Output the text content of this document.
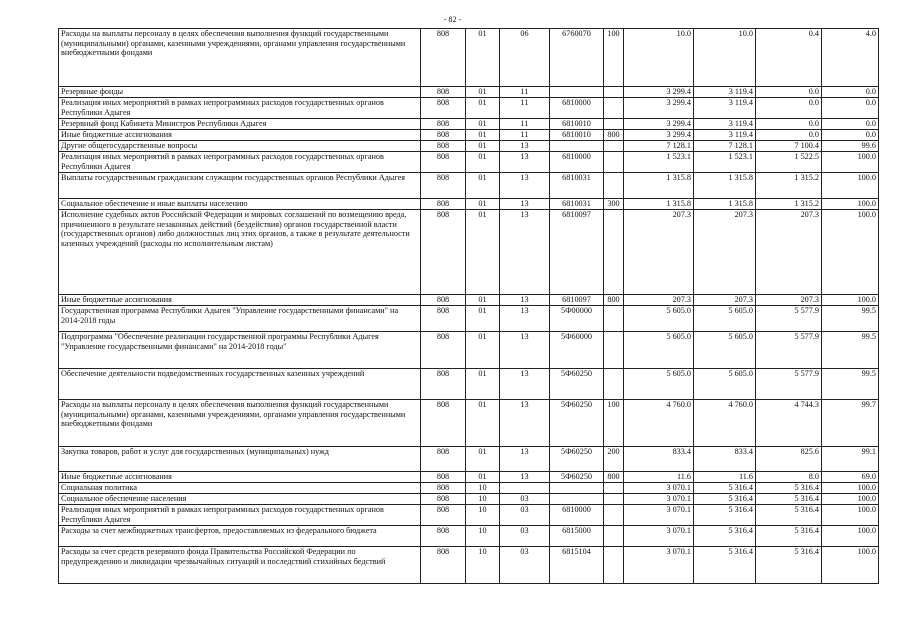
- 82 -
Расходы на выплаты персоналу в целях обеспечения выполнения функций государственными (муниципальными) органами, казенными учреждениями, органами управления государственными внебюджетными фондами	808	01	06	6760070	100	10.0	10.0	0.4	4.0
Резервные фонды	808	01	11			3 299.4	3 119.4	0.0	0.0
Реализация иных мероприятий в рамках непрограммных расходов государственных органов Республики Адыгея	808	01	11	6810000		3 299.4	3 119.4	0.0	0.0
Резервный фонд Кабинета Министров Республики Адыгея	808	01	11	6810010		3 299.4	3 119.4	0.0	0.0
Иные бюджетные ассигнования	808	01	11	6810010	800	3 299.4	3 119.4	0.0	0.0
Другие общегосударственные вопросы	808	01	13			7 128.1	7 128.1	7 100.4	99.6
Реализация иных мероприятий в рамках непрограммных расходов государственных органов Республики Адыгея	808	01	13	6810000		1 523.1	1 523.1	1 522.5	100.0
Выплаты государственным гражданским служащим государственных органов Республики Адыгея	808	01	13	6810031		1 315.8	1 315.8	1 315.2	100.0
Социальное обеспечение и иные выплаты населению	808	01	13	6810031	300	1 315.8	1 315.8	1 315.2	100.0
Исполнение судебных актов Российской Федерации и мировых соглашений по возмещению вреда, причиненного в результате незаконных действий (бездействия) органов государственной власти (государственных органов) либо должностных лиц этих органов, а также в результате деятельности казенных учреждений (расходы по исполнительным листам)	808	01	13	6810097		207.3	207.3	207.3	100.0
Иные бюджетные ассигнования	808	01	13	6810097	800	207.3	207.3	207.3	100.0
Государственная программа Республики Адыгея "Управление государственными финансами" на 2014-2018 годы	808	01	13	5Ф00000		5 605.0	5 605.0	5 577.9	99.5
Подпрограмма "Обеспечение реализации государственной программы Республики Адыгея "Управление государственными финансами" на 2014-2018 годы"	808	01	13	5Ф60000		5 605.0	5 605.0	5 577.9	99.5
Обеспечение деятельности подведомственных государственных казенных учреждений	808	01	13	5Ф60250		5 605.0	5 605.0	5 577.9	99.5
Расходы на выплаты персоналу в целях обеспечения выполнения функций государственными (муниципальными) органами, казенными учреждениями, органами управления государственными внебюджетными фондами	808	01	13	5Ф60250	100	4 760.0	4 760.0	4 744.3	99.7
Закупка товаров, работ и услуг для государственных (муниципальных) нужд	808	01	13	5Ф60250	200	833.4	833.4	825.6	99.1
Иные бюджетные ассигнования	808	01	13	5Ф60250	800	11.6	11.6	8.0	69.0
Социальная политика	808	10				3 070.1	5 316.4	5 316.4	100.0
Социальное обеспечение населения	808	10	03			3 070.1	5 316.4	5 316.4	100.0
Реализация иных мероприятий в рамках непрограммных расходов государственных органов Республики Адыгея	808	10	03	6810000		3 070.1	5 316.4	5 316.4	100.0
Расходы за счет межбюджетных трансфертов, предоставляемых из федерального бюджета	808	10	03	6815000		3 070.1	5 316.4	5 316.4	100.0
Расходы за счет средств резервного фонда Правительства Российской Федерации по предупреждению и ликвидации чрезвычайных ситуаций и последствий стихийных бедствий	808	10	03	6815104		3 070.1	5 316.4	5 316.4	100.0
